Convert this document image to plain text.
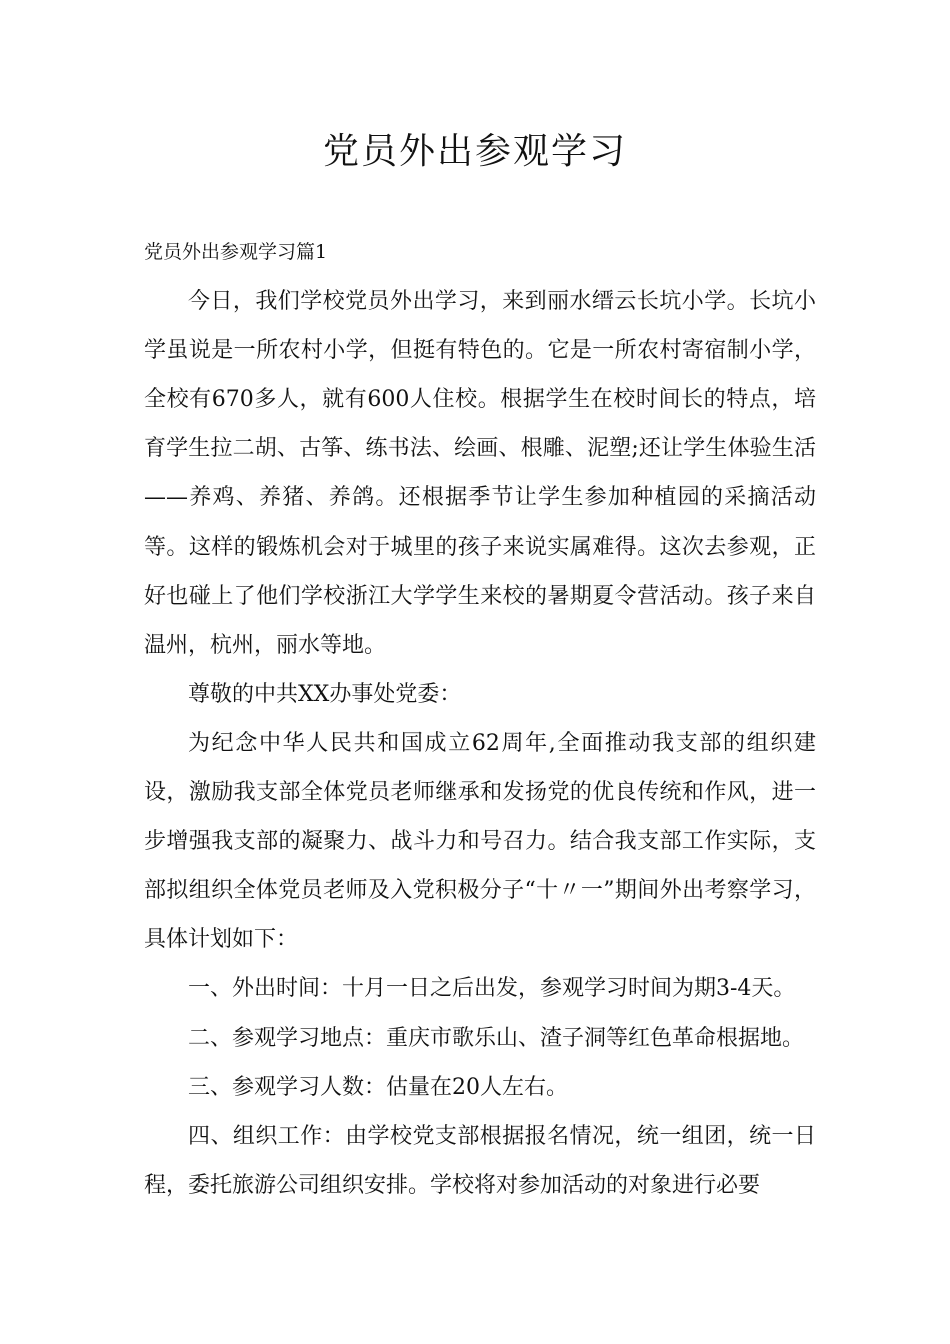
党员外出参观学习

党员外出参观学习篇1

今日，我们学校党员外出学习，来到丽水缙云长坑小学。长坑小学虽说是一所农村小学，但挺有特色的。它是一所农村寄宿制小学，全校有670多人，就有600人住校。根据学生在校时间长的特点，培育学生拉二胡、古筝、练书法、绘画、根雕、泥塑;还让学生体验生活——养鸡、养猪、养鸽。还根据季节让学生参加种植园的采摘活动等。这样的锻炼机会对于城里的孩子来说实属难得。这次去参观，正好也碰上了他们学校浙江大学学生来校的暑期夏令营活动。孩子来自温州，杭州，丽水等地。

尊敬的中共XX办事处党委：

为纪念中华人民共和国成立62周年,全面推动我支部的组织建设，激励我支部全体党员老师继承和发扬党的优良传统和作风，进一步增强我支部的凝聚力、战斗力和号召力。结合我支部工作实际，支部拟组织全体党员老师及入党积极分子“十〃一”期间外出考察学习，具体计划如下：

一、外出时间：十月一日之后出发，参观学习时间为期3-4天。

二、参观学习地点：重庆市歌乐山、渣子洞等红色革命根据地。

三、参观学习人数：估量在20人左右。

四、组织工作：由学校党支部根据报名情况，统一组团，统一日程，委托旅游公司组织安排。学校将对参加活动的对象进行必要
